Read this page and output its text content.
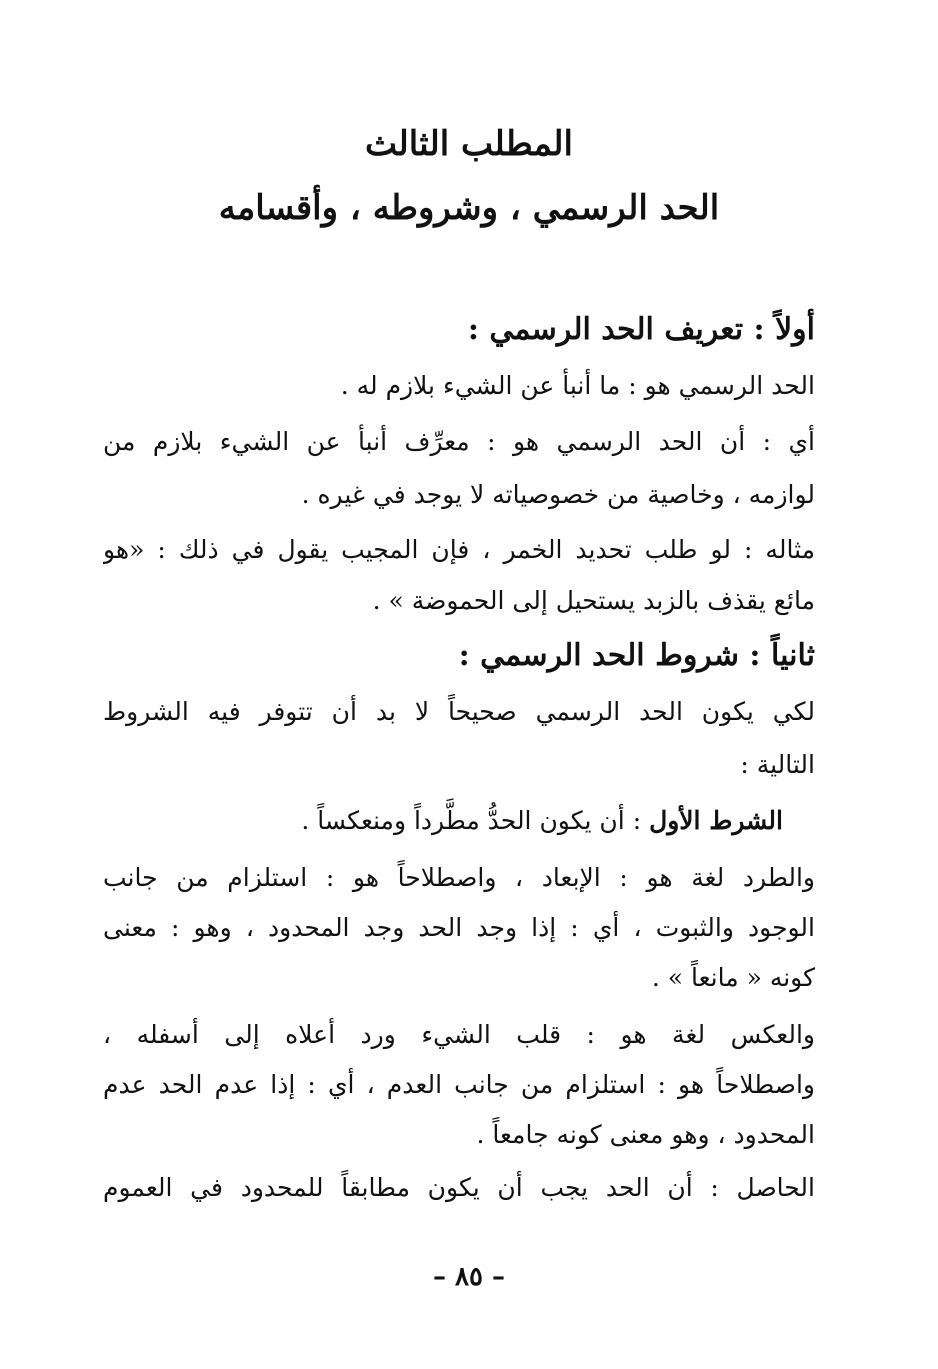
المطلب الثالث
الحد الرسمي ، وشروطه ، وأقسامه
أولاً : تعريف الحد الرسمي :
الحد الرسمي هو : ما أنبأ عن الشيء بلازم له .
أي : أن الحد الرسمي هو : معرِّف أنبأ عن الشيء بلازم من
لوازمه ، وخاصية من خصوصياته لا يوجد في غيره .
مثاله : لو طلب تحديد الخمر ، فإن المجيب يقول في ذلك : «هو
مائع يقذف بالزبد يستحيل إلى الحموضة » .
ثانياً : شروط الحد الرسمي :
لكي يكون الحد الرسمي صحيحاً لا بد أن تتوفر فيه الشروط
التالية :
الشرط الأول : أن يكون الحدُّ مطَّرداً ومنعكساً .
والطرد لغة هو : الإبعاد ، واصطلاحاً هو : استلزام من جانب
الوجود والثبوت ، أي : إذا وجد الحد وجد المحدود ، وهو : معنى
كونه « مانعاً » .
والعكس لغة هو : قلب الشيء ورد أعلاه إلى أسفله ،
واصطلاحاً هو : استلزام من جانب العدم ، أي : إذا عدم الحد عدم
المحدود ، وهو معنى كونه جامعاً .
الحاصل : أن الحد يجب أن يكون مطابقاً للمحدود في العموم
– ٨٥ –
